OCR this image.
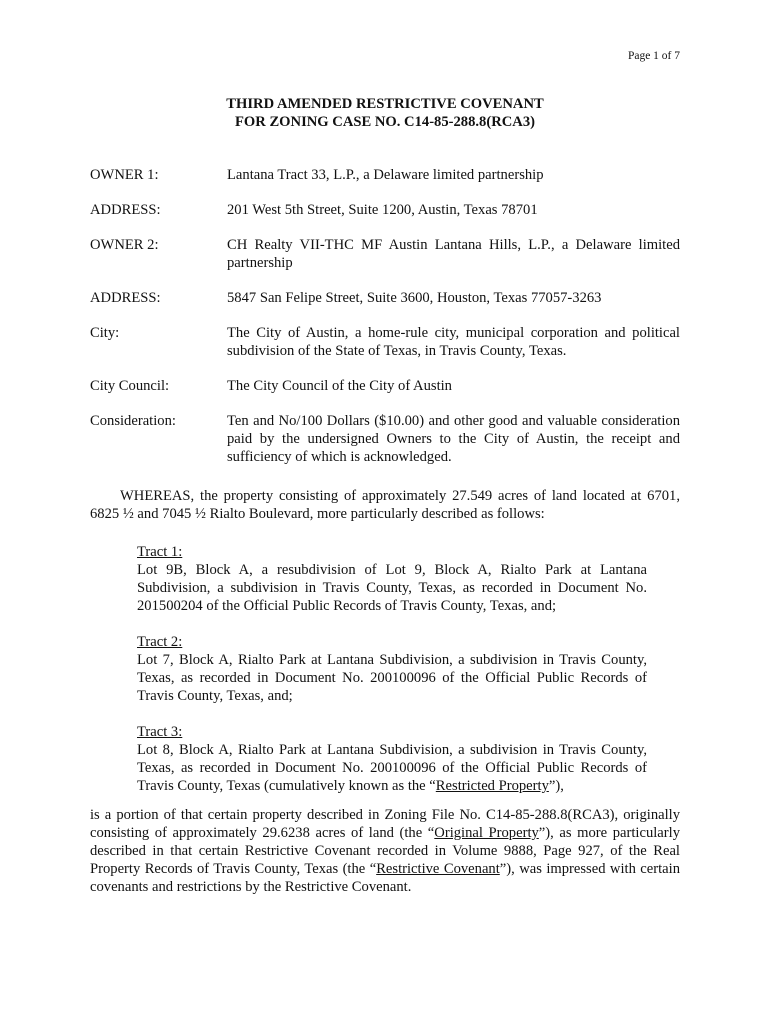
Page 1 of 7
THIRD AMENDED RESTRICTIVE COVENANT
FOR ZONING CASE NO. C14-85-288.8(RCA3)
OWNER 1:	Lantana Tract 33, L.P., a Delaware limited partnership
ADDRESS:	201 West 5th Street, Suite 1200, Austin, Texas 78701
OWNER 2:	CH Realty VII-THC MF Austin Lantana Hills, L.P., a Delaware limited partnership
ADDRESS:	5847 San Felipe Street, Suite 3600, Houston, Texas 77057-3263
City:	The City of Austin, a home-rule city, municipal corporation and political subdivision of the State of Texas, in Travis County, Texas.
City Council:	The City Council of the City of Austin
Consideration:	Ten and No/100 Dollars ($10.00) and other good and valuable consideration paid by the undersigned Owners to the City of Austin, the receipt and sufficiency of which is acknowledged.
WHEREAS, the property consisting of approximately 27.549 acres of land located at 6701, 6825 ½ and 7045 ½ Rialto Boulevard, more particularly described as follows:
Tract 1:
Lot 9B, Block A, a resubdivision of Lot 9, Block A, Rialto Park at Lantana Subdivision, a subdivision in Travis County, Texas, as recorded in Document No. 201500204 of the Official Public Records of Travis County, Texas, and;
Tract 2:
Lot 7, Block A, Rialto Park at Lantana Subdivision, a subdivision in Travis County, Texas, as recorded in Document No. 200100096 of the Official Public Records of Travis County, Texas, and;
Tract 3:
Lot 8, Block A, Rialto Park at Lantana Subdivision, a subdivision in Travis County, Texas, as recorded in Document No. 200100096 of the Official Public Records of Travis County, Texas (cumulatively known as the “Restricted Property”),
is a portion of that certain property described in Zoning File No. C14-85-288.8(RCA3), originally consisting of approximately 29.6238 acres of land (the “Original Property”), as more particularly described in that certain Restrictive Covenant recorded in Volume 9888, Page 927, of the Real Property Records of Travis County, Texas (the “Restrictive Covenant”), was impressed with certain covenants and restrictions by the Restrictive Covenant.
